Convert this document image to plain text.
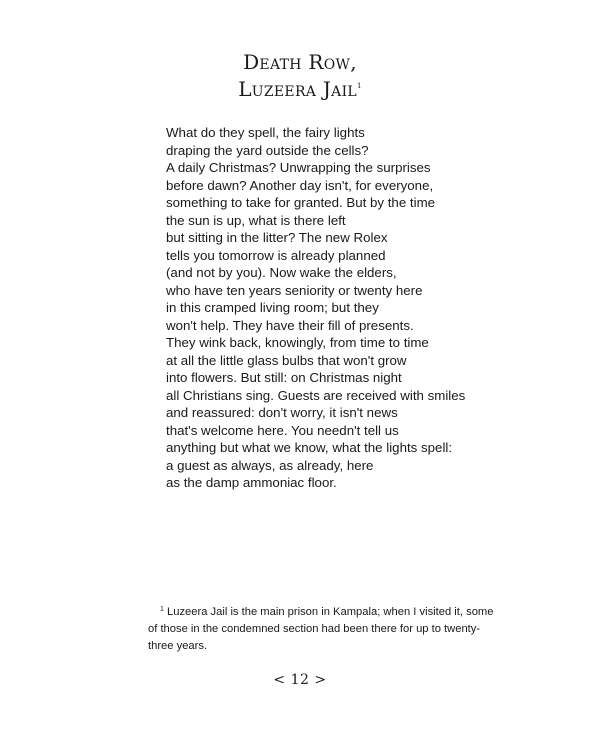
Death Row,
Luzeera Jail$^1$
What do they spell, the fairy lights
draping the yard outside the cells?
A daily Christmas? Unwrapping the surprises
before dawn? Another day isn't, for everyone,
something to take for granted. But by the time
the sun is up, what is there left
but sitting in the litter? The new Rolex
tells you tomorrow is already planned
(and not by you). Now wake the elders,
who have ten years seniority or twenty here
in this cramped living room; but they
won't help. They have their fill of presents.
They wink back, knowingly, from time to time
at all the little glass bulbs that won't grow
into flowers. But still: on Christmas night
all Christians sing. Guests are received with smiles
and reassured: don't worry, it isn't news
that's welcome here. You needn't tell us
anything but what we know, what the lights spell:
a guest as always, as already, here
as the damp ammoniac floor.
$^1$ Luzeera Jail is the main prison in Kampala; when I visited it, some of those in the condemned section had been there for up to twenty-three years.
< 12 >
